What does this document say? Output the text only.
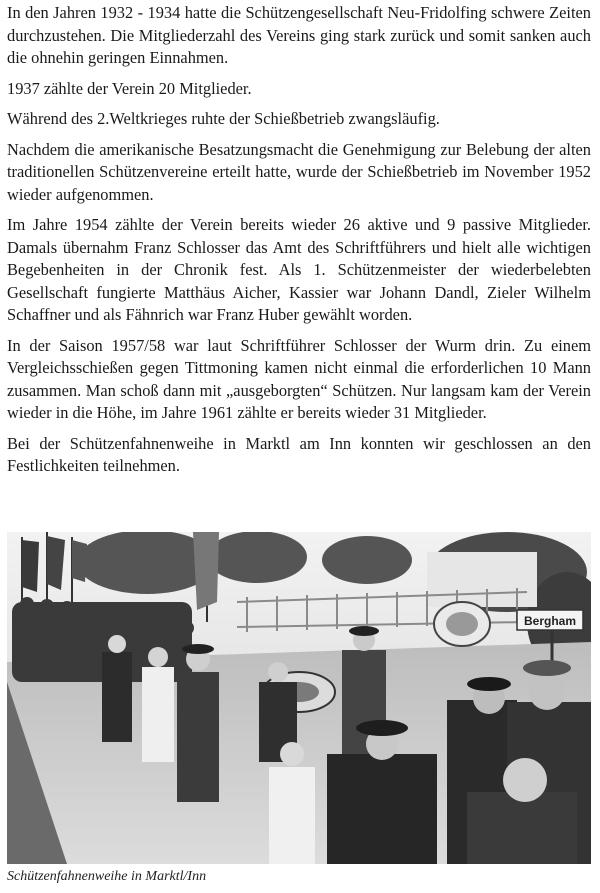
In den Jahren 1932 - 1934 hatte die Schützengesellschaft Neu-Fridolfing schwere Zeiten durchzustehen. Die Mitgliederzahl des Vereins ging stark zurück und somit sanken auch die ohnehin geringen Einnahmen.

1937 zählte der Verein 20 Mitglieder.

Während des 2.Weltkrieges ruhte der Schießbetrieb zwangsläufig.

Nachdem die amerikanische Besatzungsmacht die Genehmigung zur Belebung der alten traditionellen Schützenvereine erteilt hatte, wurde der Schießbetrieb im November 1952 wieder aufgenommen.

Im Jahre 1954 zählte der Verein bereits wieder 26 aktive und 9 passive Mitglieder. Damals übernahm Franz Schlosser das Amt des Schriftführers und hielt alle wichtigen Begebenheiten in der Chronik fest. Als 1. Schützenmeister der wiederbelebten Gesellschaft fungierte Matthäus Aicher, Kassier war Johann Dandl, Zieler Wilhelm Schaffner und als Fähnrich war Franz Huber gewählt worden.

In der Saison 1957/58 war laut Schriftführer Schlosser der Wurm drin. Zu einem Vergleichsschießen gegen Tittmoning kamen nicht einmal die erforderlichen 10 Mann zusammen. Man schoß dann mit „ausgeborgten“ Schützen. Nur langsam kam der Verein wieder in die Höhe, im Jahre 1961 zählte er bereits wieder 31 Mitglieder.

Bei der Schützenfahnenweihe in Marktl am Inn konnten wir geschlossen an den Festlichkeiten teilnehmen.

Bergham
Schützenfahnenweihe in Marktl/Inn
